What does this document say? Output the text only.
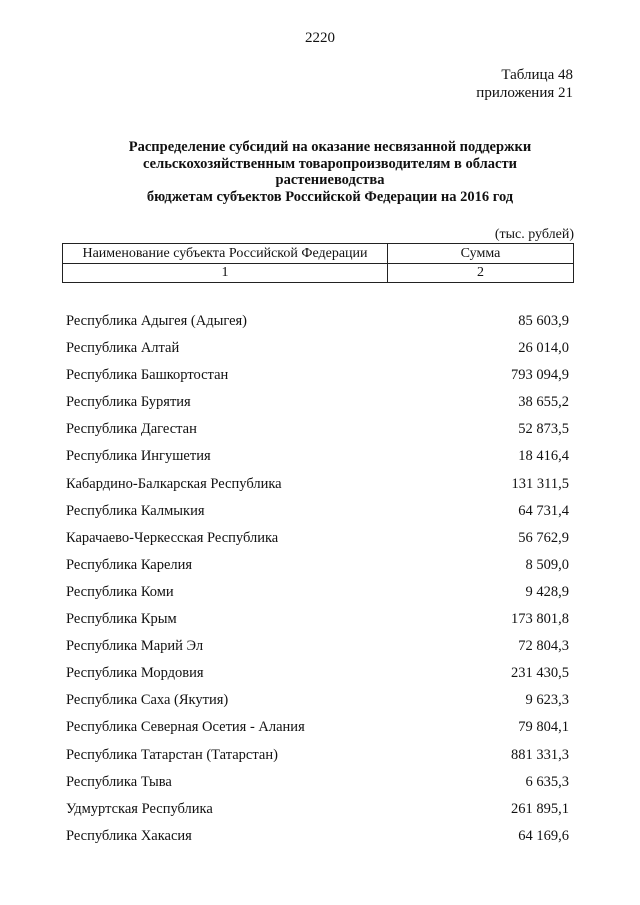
2220
Таблица 48
приложения 21
Распределение субсидий на оказание несвязанной поддержки
сельскохозяйственным товаропроизводителям в области
растениеводства
бюджетам субъектов Российской Федерации на 2016 год
(тыс. рублей)
Наименование субъекта Российской Федерации	Сумма
1	2
Республика Адыгея (Адыгея)	85 603,9
Республика Алтай	26 014,0
Республика Башкортостан	793 094,9
Республика Бурятия	38 655,2
Республика Дагестан	52 873,5
Республика Ингушетия	18 416,4
Кабардино-Балкарская Республика	131 311,5
Республика Калмыкия	64 731,4
Карачаево-Черкесская Республика	56 762,9
Республика Карелия	8 509,0
Республика Коми	9 428,9
Республика Крым	173 801,8
Республика Марий Эл	72 804,3
Республика Мордовия	231 430,5
Республика Саха (Якутия)	9 623,3
Республика Северная Осетия - Алания	79 804,1
Республика Татарстан (Татарстан)	881 331,3
Республика Тыва	6 635,3
Удмуртская Республика	261 895,1
Республика Хакасия	64 169,6
